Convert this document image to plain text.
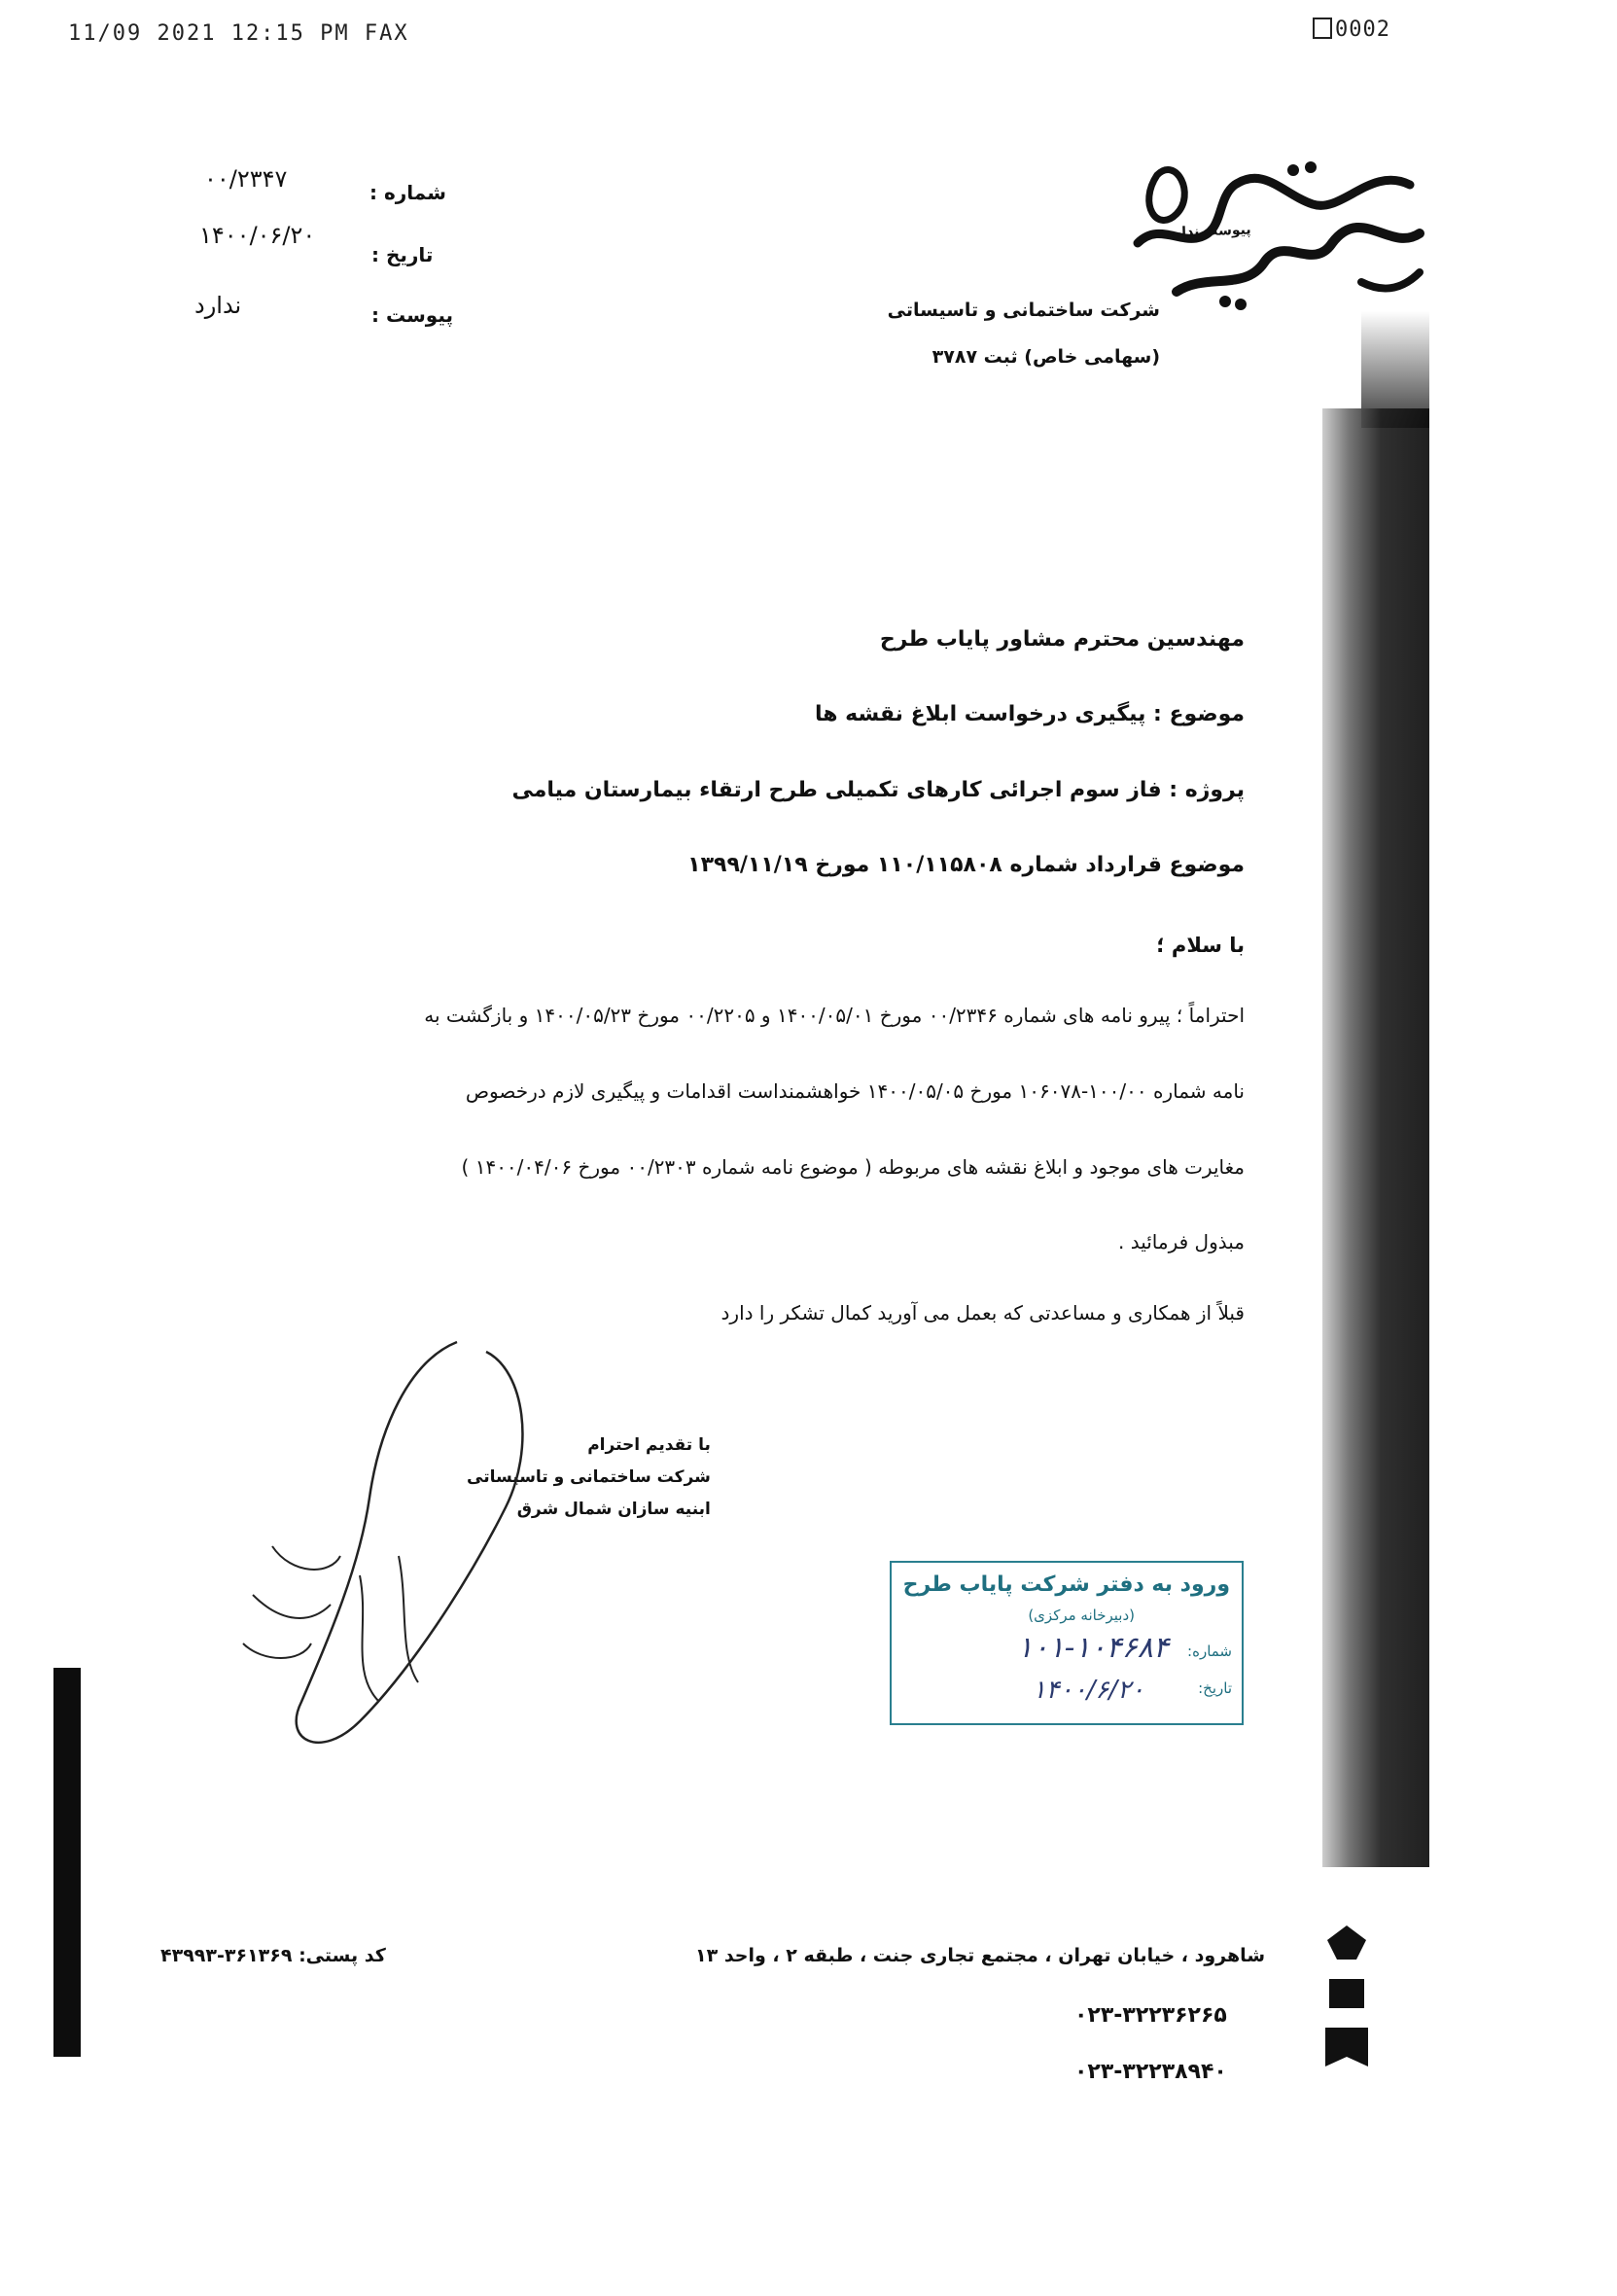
11/09 2021 12:15 PM FAX	0002
شرکت ساختمانی و تاسیساتی
(سهامی خاص) ثبت ۳۷۸۷
پیوست ندارد
شماره :
۰۰/۲۳۴۷
تاریخ :
۱۴۰۰/۰۶/۲۰
پیوست :
ندارد
مهندسین محترم مشاور پایاب طرح
موضوع : پیگیری درخواست ابلاغ نقشه ها
پروژه : فاز سوم اجرائی کارهای تکمیلی طرح ارتقاء بیمارستان میامی
موضوع قرارداد شماره ۱۱۰/۱۱۵۸۰۸ مورخ ۱۳۹۹/۱۱/۱۹
با سلام ؛
احتراماً ؛ پیرو نامه های شماره ۰۰/۲۳۴۶ مورخ ۱۴۰۰/۰۵/۰۱ و ۰۰/۲۲۰۵ مورخ ۱۴۰۰/۰۵/۲۳ و بازگشت به
نامه شماره ۱۰۰/۰۰-۱۰۶۰۷۸ مورخ ۱۴۰۰/۰۵/۰۵ خواهشمنداست اقدامات و پیگیری لازم درخصوص
مغایرت های موجود و ابلاغ نقشه های مربوطه ( موضوع نامه شماره ۰۰/۲۳۰۳ مورخ ۱۴۰۰/۰۴/۰۶ )
مبذول فرمائید .
قبلاً از همکاری و مساعدتی که بعمل می آورید کمال تشکر را دارد
با تقدیم احترام
شرکت ساختمانی و تاسیساتی
ابنیه سازان شمال شرق
ورود به دفتر شرکت پایاب طرح
(دبیرخانه مرکزی)
شماره:
۱۰۱-۱۰۴۶۸۴
تاریخ:
۱۴۰۰/۶/۲۰
شاهرود ، خیابان تهران ، مجتمع تجاری جنت ، طبقه ۲ ، واحد ۱۳
۰۲۳-۳۲۲۳۶۲۶۵
۰۲۳-۳۲۲۳۸۹۴۰
کد پستی: ۳۶۱۳۶۹-۴۳۹۹۳
